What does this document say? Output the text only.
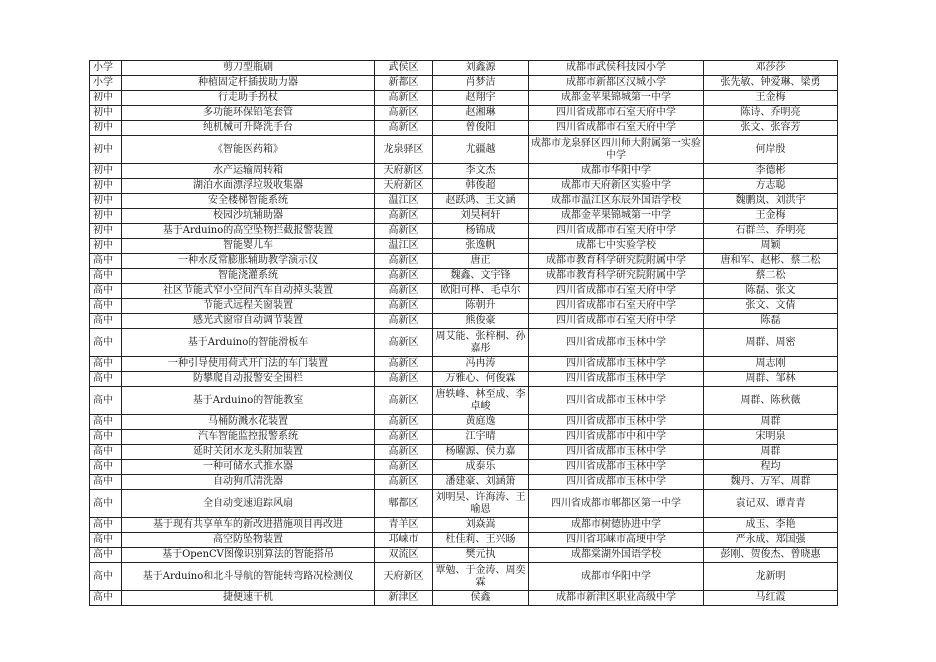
小学	剪刀型瓶刷	武侯区	刘鑫源	成都市武侯科技园小学	邓莎莎
小学	种植固定杆插拔助力器	新都区	肖梦洁	成都市新都区汉城小学	张先敏、钟爱琳、梁勇
初中	行走助手拐杖	高新区	赵翔宇	成都金苹果锦城第一中学	王金梅
初中	多功能环保铅笔套管	高新区	赵湘琳	四川省成都市石室天府中学	陈诗、乔明亮
初中	纯机械可升降洗手台	高新区	曾俊阳	四川省成都市石室天府中学	张文、张容芳
初中	《智能医药箱》	龙泉驿区	尤疆越	成都市龙泉驿区四川师大附属第一实验中学	何岸殷
初中	水产运输周转箱	天府新区	李文杰	成都市华阳中学	李德彬
初中	湖泊水面漂浮垃圾收集器	天府新区	韩俊超	成都市天府新区实验中学	方志聪
初中	安全楼梯智能系统	温江区	赵跃鸿、王文涵	成都市温江区东辰外国语学校	魏鹏岚、刘洪宇
初中	校园沙坑辅助器	高新区	刘昊柯轩	成都金苹果锦城第一中学	王金梅
初中	基于Arduino的高空坠物拦截报警装置	高新区	杨锦成	四川省成都市石室天府中学	石群兰、乔明亮
初中	智能婴儿车	温江区	张逸帆	成都七中实验学校	周颖
高中	一种水反常膨胀辅助教学演示仪	高新区	唐正	成都市教育科学研究院附属中学	唐和军、赵彬、蔡二松
高中	智能浇灌系统	高新区	魏鑫、文宇锋	成都市教育科学研究院附属中学	蔡二松
高中	社区节能式窄小空间汽车自动掉头装置	高新区	欧阳可桦、毛卓尔	四川省成都市石室天府中学	陈磊、张文
高中	节能式远程关窗装置	高新区	陈朝升	四川省成都市石室天府中学	张文、文倩
高中	感光式窗帘自动调节装置	高新区	熊俊豪	四川省成都市石室天府中学	陈磊
高中	基于Arduino的智能滑板车	高新区	周艾能、张梓桐、孙嘉彤	四川省成都市玉林中学	周群、周密
高中	一种引导使用荷式开门法的车门装置	高新区	冯冉涛	四川省成都市玉林中学	周志刚
高中	防攀爬自动报警安全围栏	高新区	万雅心、何俊霖	四川省成都市玉林中学	周群、邹林
高中	基于Arduino的智能教室	高新区	唐轶峰、林至成、李卓峻	四川省成都市玉林中学	周群、陈秋薇
高中	马桶防溅水花装置	高新区	黄庭逸	四川省成都市玉林中学	周群
高中	汽车智能监控报警系统	高新区	江宇晴	四川省成都市中和中学	宋明泉
高中	延时关闭水龙头附加装置	高新区	杨曜源、侯力嘉	四川省成都市玉林中学	周群
高中	一种可储水式推水器	高新区	成泰乐	四川省成都市玉林中学	程均
高中	自动狗爪清洗器	高新区	潘建豪、刘涵箫	四川省成都市玉林中学	魏丹、万军、周群
高中	全自动变速追踪风扇	郫都区	刘明昊、许海涛、王喻恩	四川省成都市郫都区第一中学	袁记双、谭青青
高中	基于现有共享单车的新改进措施项目再改进	青羊区	刘焱嵩	成都市树德协进中学	成玉、李艳
高中	高空防坠物装置	邛崃市	杜佳莉、王兴旸	四川省邛崃市高埂中学	严永成、郑国强
高中	基于OpenCV图像识别算法的智能搭吊	双流区	樊元执	成都棠湖外国语学校	彭刚、贺俊杰、曾晓惠
高中	基于Arduino和北斗导航的智能转弯路况检测仪	天府新区	覃勉、于金涛、周奕霖	成都市华阳中学	龙新明
高中	捷便速干机	新津区	侯鑫	成都市新津区职业高级中学	马红霞
